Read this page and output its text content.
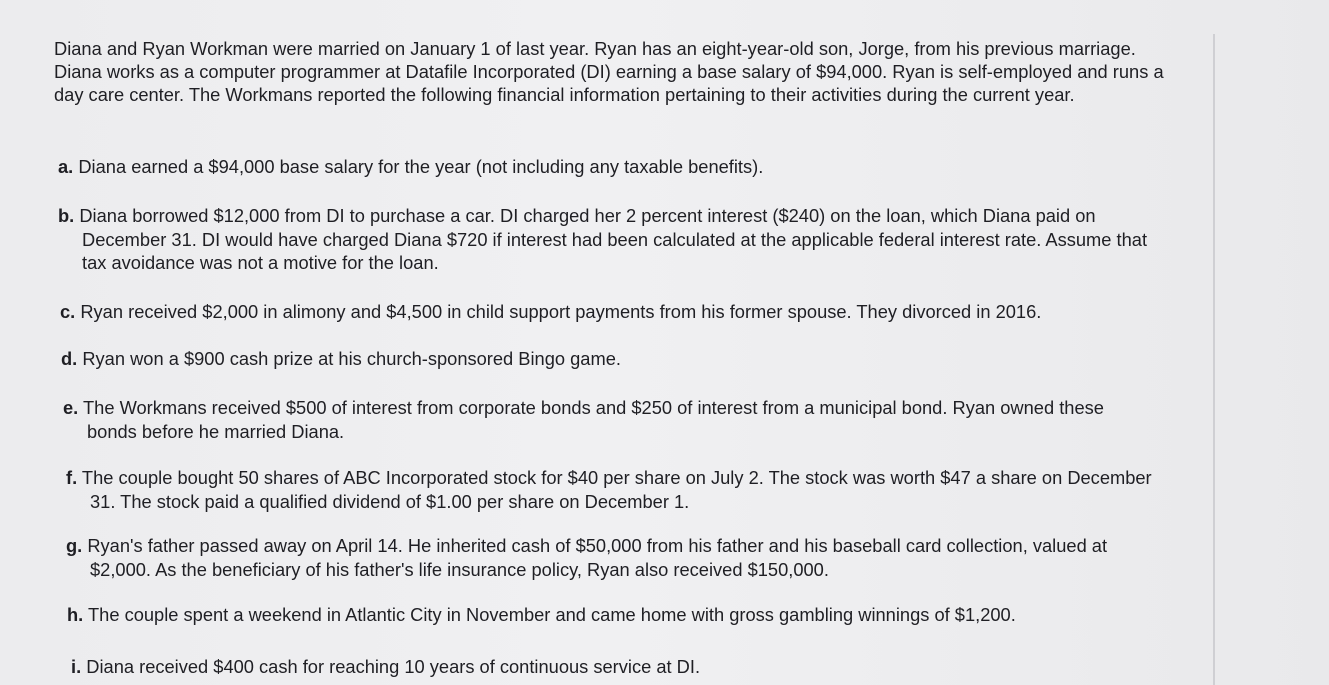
Diana and Ryan Workman were married on January 1 of last year. Ryan has an eight-year-old son, Jorge, from his previous marriage. Diana works as a computer programmer at Datafile Incorporated (DI) earning a base salary of $94,000. Ryan is self-employed and runs a day care center. The Workmans reported the following financial information pertaining to their activities during the current year.

a. Diana earned a $94,000 base salary for the year (not including any taxable benefits).

b. Diana borrowed $12,000 from DI to purchase a car. DI charged her 2 percent interest ($240) on the loan, which Diana paid on December 31. DI would have charged Diana $720 if interest had been calculated at the applicable federal interest rate. Assume that tax avoidance was not a motive for the loan.

c. Ryan received $2,000 in alimony and $4,500 in child support payments from his former spouse. They divorced in 2016.

d. Ryan won a $900 cash prize at his church-sponsored Bingo game.

e. The Workmans received $500 of interest from corporate bonds and $250 of interest from a municipal bond. Ryan owned these bonds before he married Diana.

f. The couple bought 50 shares of ABC Incorporated stock for $40 per share on July 2. The stock was worth $47 a share on December 31. The stock paid a qualified dividend of $1.00 per share on December 1.

g. Ryan's father passed away on April 14. He inherited cash of $50,000 from his father and his baseball card collection, valued at $2,000. As the beneficiary of his father's life insurance policy, Ryan also received $150,000.

h. The couple spent a weekend in Atlantic City in November and came home with gross gambling winnings of $1,200.

i. Diana received $400 cash for reaching 10 years of continuous service at DI.
